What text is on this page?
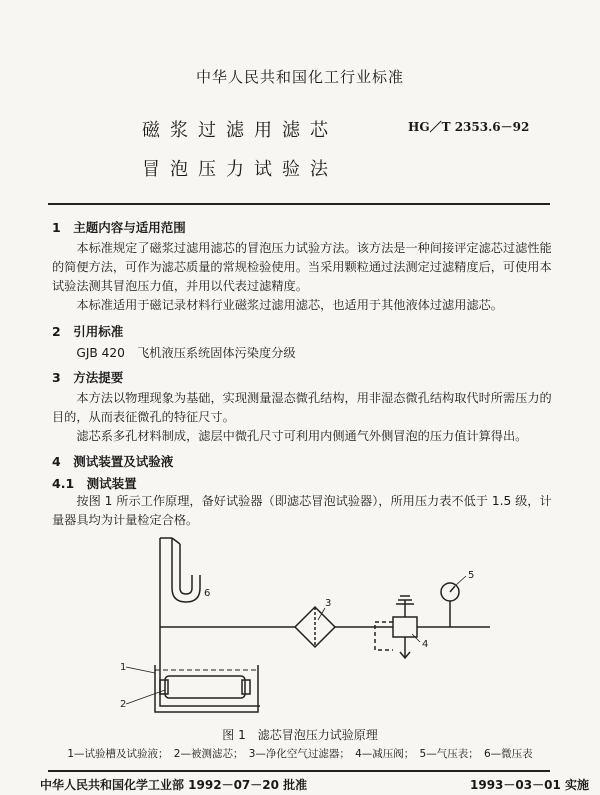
中华人民共和国化工行业标准
磁浆过滤用滤芯
冒泡压力试验法
HG／T 2353.6－92
1　主题内容与适用范围
本标准规定了磁浆过滤用滤芯的冒泡压力试验方法。该方法是一种间接评定滤芯过滤性能的简便方法，可作为滤芯质量的常规检验使用。当采用颗粒通过法测定过滤精度后，可使用本试验法测其冒泡压力值，并用以代表过滤精度。
本标准适用于磁记录材料行业磁浆过滤用滤芯，也适用于其他液体过滤用滤芯。
2　引用标准
GJB 420　飞机液压系统固体污染度分级
3　方法提要
本方法以物理现象为基础，实现测量湿态微孔结构，用非湿态微孔结构取代时所需压力的目的，从而表征微孔的特征尺寸。
滤芯系多孔材料制成，滤层中微孔尺寸可利用内侧通气外侧冒泡的压力值计算得出。
4　测试装置及试验液
4.1　测试装置
按图 1 所示工作原理，备好试验器（即滤芯冒泡试验器），所用压力表不低于 1.5 级，计量器具均为计量检定合格。
6
3
4
5
1
2
图 1　滤芯冒泡压力试验原理
1—试验槽及试验液；　2—被测滤芯；　3—净化空气过滤器；　4—减压阀；　5—气压表；　6—微压表
中华人民共和国化学工业部 1992－07－20 批准	1993－03－01 实施
